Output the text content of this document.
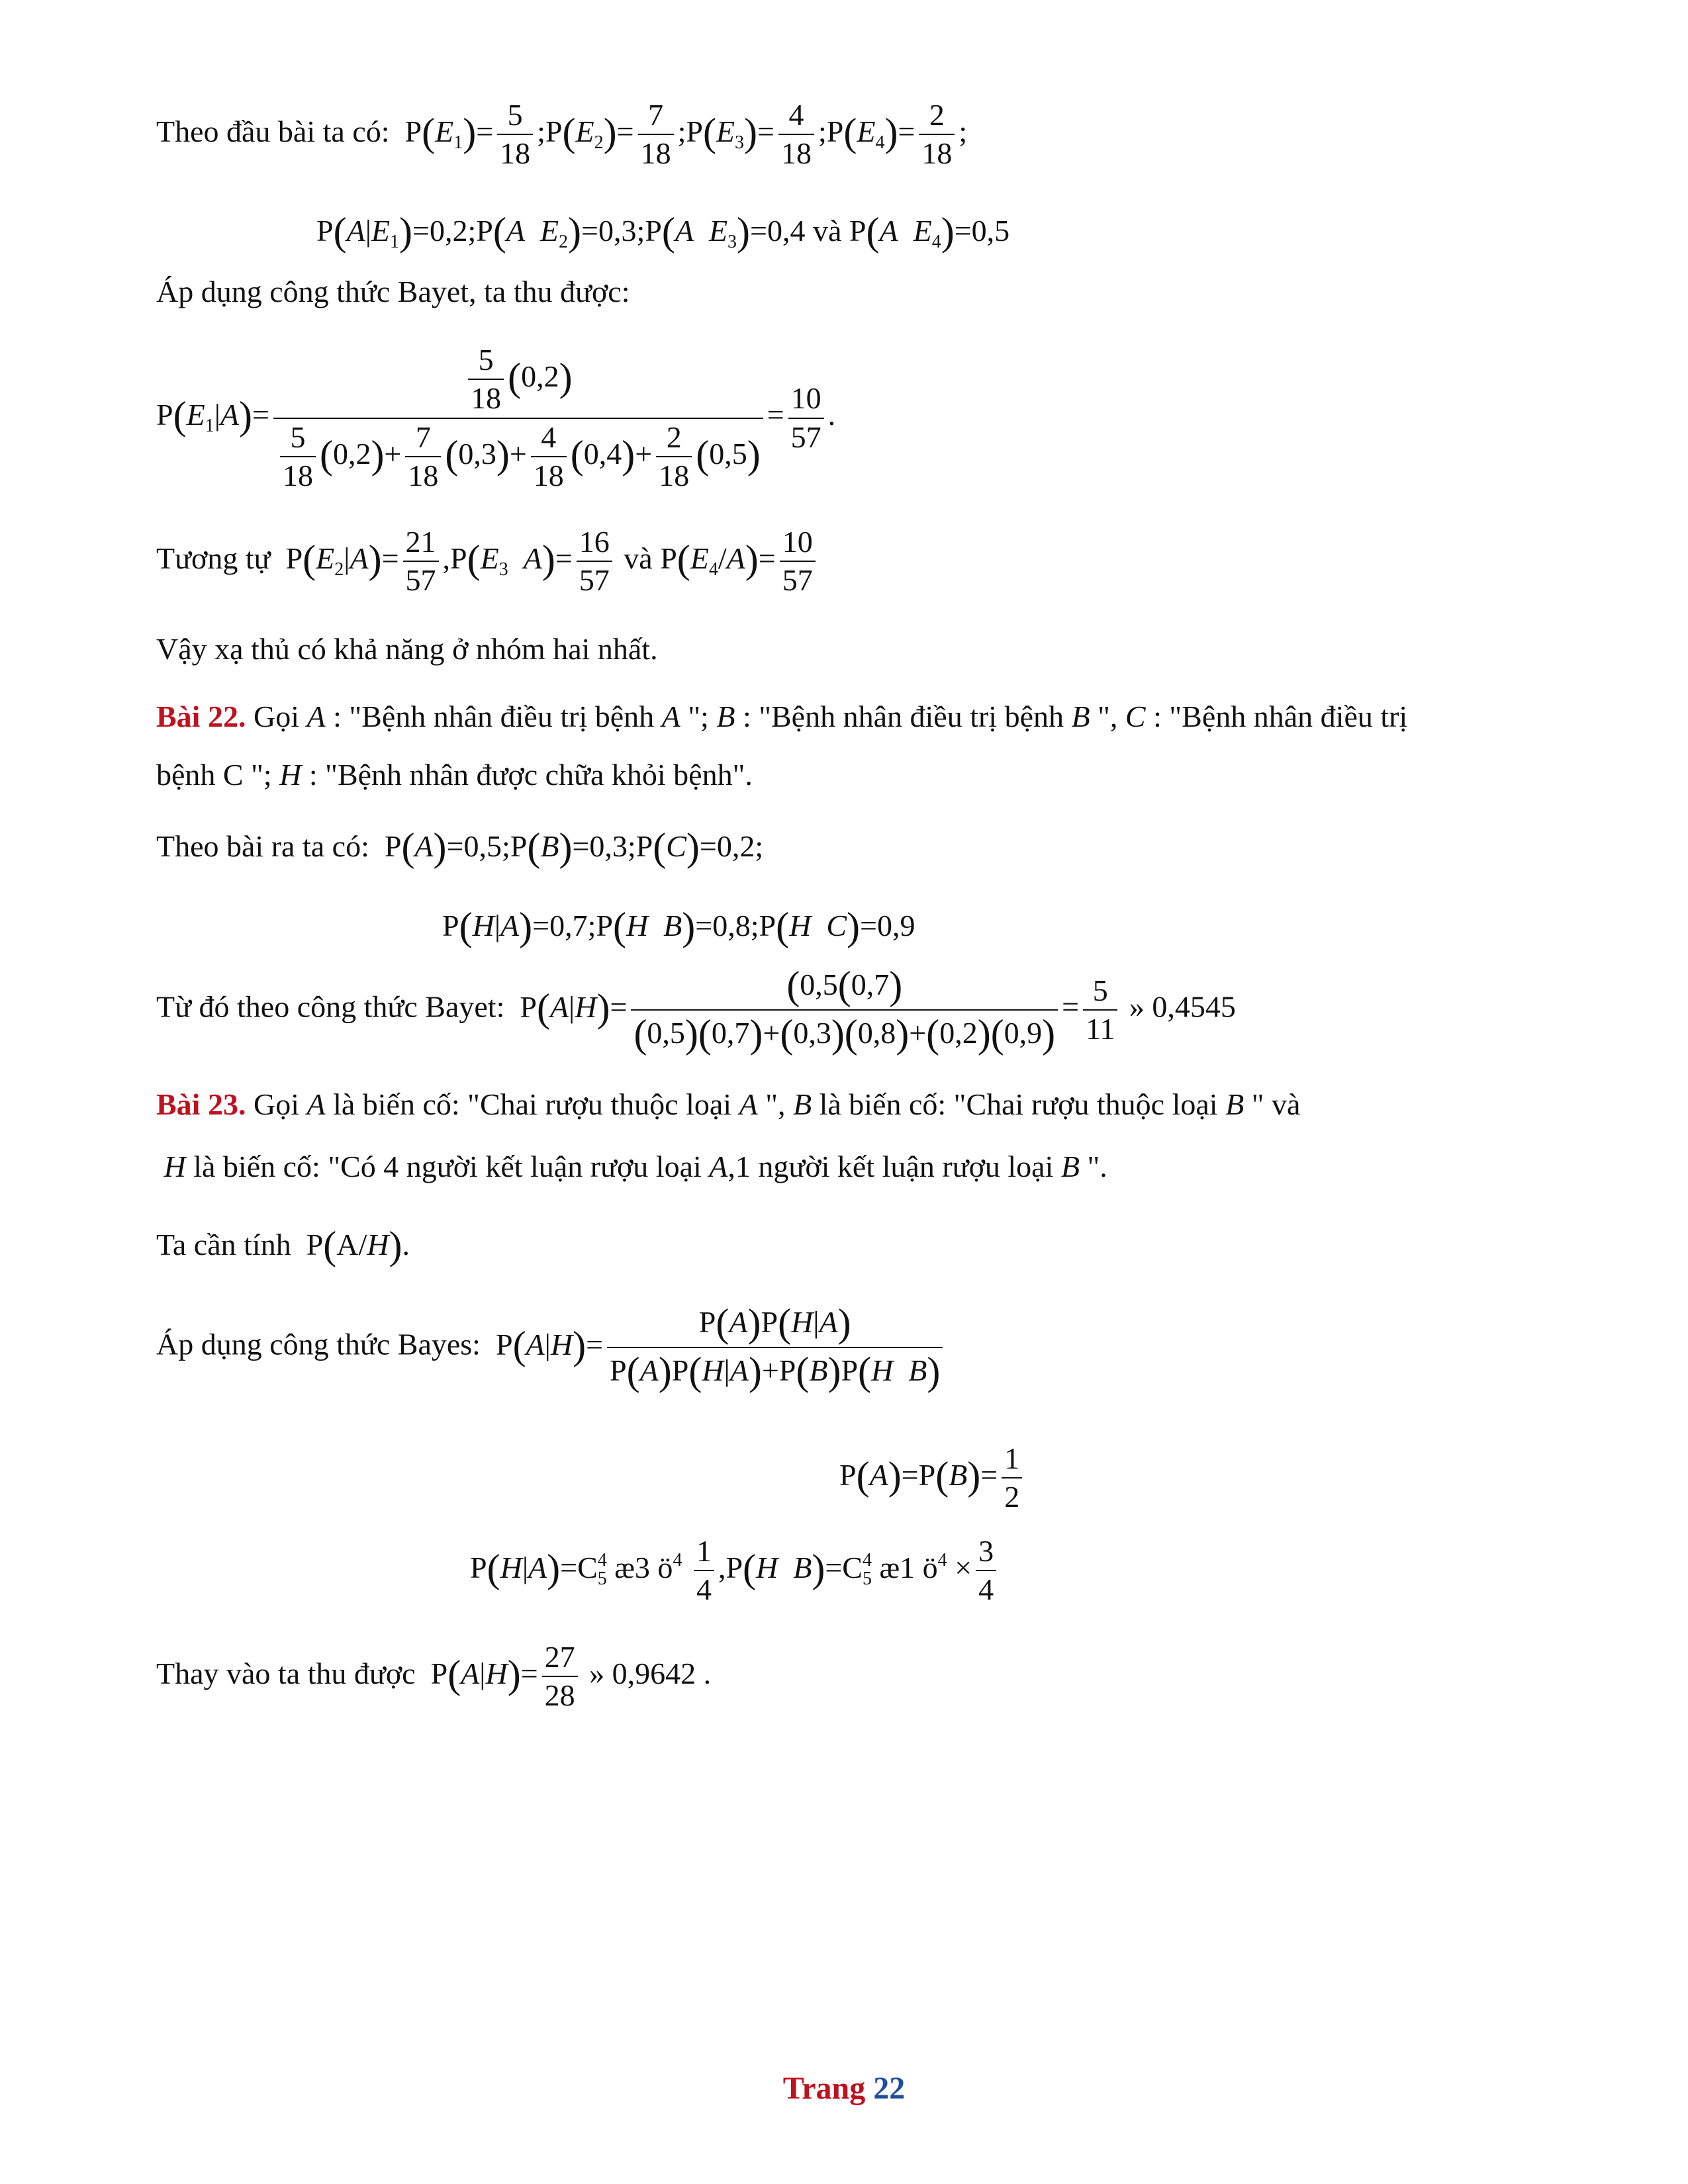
Theo đầu bài ta có:  $P(E_1)= \frac{5}{18}$ $;P(E_2)= \frac{7}{18}$ $;P(E_3)= \frac{4}{18}$ $;P(E_4)= \frac{2}{18}$ ;
$P(A|E_1)=0,2;P(A$ $E_2)=0,3;P(A$ $E_3)=0,4$ và P(A $E_4)=0,5$
Áp dụng công thức Bayet, ta thu được:
$P(E_1|A)= \frac{\frac{5}{18} (0,2)}{\frac{5}{18} (0,2)+ \frac{7}{18} (0,3)+ \frac{4}{18} (0,4)+ \frac{2}{18} (0,5)} = \frac{10}{57}$ .
Tương tự  $P(E_2|A)= \frac{21}{57} ,P(E_3$ $A)= \frac{16}{57}$ và $P(E_4/A)= \frac{10}{57}$
Vậy xạ thủ có khả năng ở nhóm hai nhất.
Bài 22. Gọi A : "Bệnh nhân điều trị bệnh A "; B : "Bệnh nhân điều trị bệnh B ", C : "Bệnh nhân điều trị
bệnh C "; H : "Bệnh nhân được chữa khỏi bệnh".
Theo bài ra ta có:  P(A)=0,5;P(B)=0,3;P(C)=0,2;
P(H|A)=0,7;P(H B)=0,8;P(H C)=0,9
Từ đó theo công thức Bayet:  $P(A|H)= \frac{(0,5(0,7)}{(0,5)(0,7)+(0,3)(0,8)+(0,2)(0,9)} = \frac{5}{11}$ » 0,4545
Bài 23. Gọi A là biến cố: "Chai rượu thuộc loại A ", B là biến cố: "Chai rượu thuộc loại B " và
H là biến cố: "Có 4 người kết luận rượu loại A,1 người kết luận rượu loại B ".
Ta cần tính  P(A/H).
Áp dụng công thức Bayes:  $P(A|H)= \frac{P(A)P(H|A)}{\text{P(A)P(H|A)+P(B)P(H B)}}$
$P(A)=P(B)= \frac{1}{2}$
$P(H|A)=C^4_5$ æ3 $ö^4 \frac{1}{4} ,P(H$ $B)=C^4_5$ æ1 $ö^4 \times \frac{3}{4}$
Thay vào ta thu được  $P(A|H)= \frac{27}{28}$ » 0,9642 .
Trang 22
